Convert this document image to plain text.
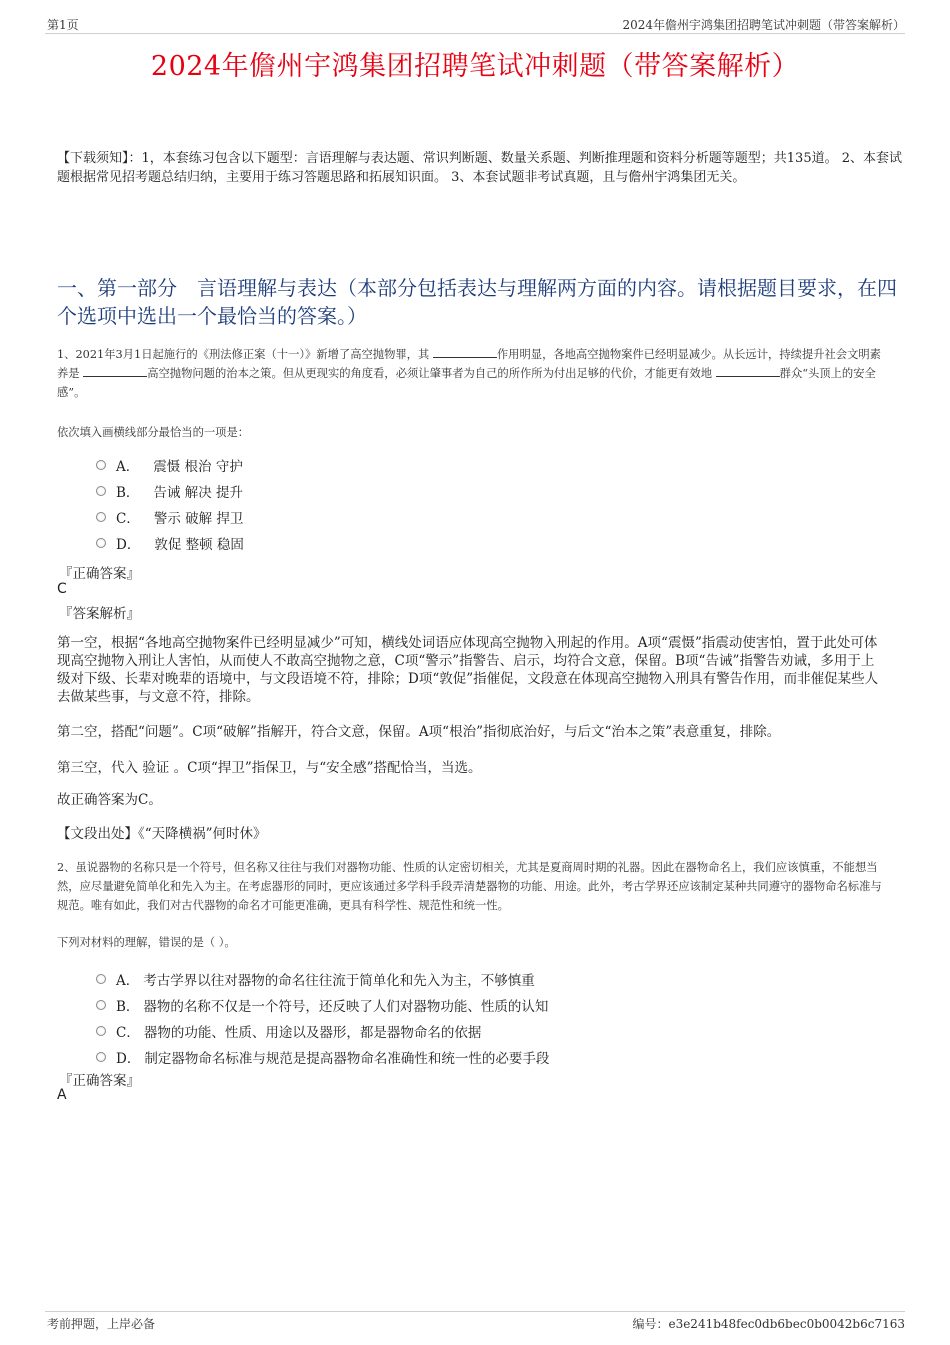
第1页	2024年儋州宇鸿集团招聘笔试冲刺题（带答案解析）
2024年儋州宇鸿集团招聘笔试冲刺题（带答案解析）
【下载须知】：1，本套练习包含以下题型：言语理解与表达题、常识判断题、数量关系题、判断推理题和资料分析题等题型；共135道。 2、本套试题根据常见招考题总结归纳，主要用于练习答题思路和拓展知识面。 3、本套试题非考试真题，且与儋州宇鸿集团无关。
一、第一部分　言语理解与表达（本部分包括表达与理解两方面的内容。请根据题目要求，在四个选项中选出一个最恰当的答案。）
1、2021年3月1日起施行的《刑法修正案（十一）》新增了高空抛物罪，其	作用明显，各地高空抛物案件已经明显减少。从长远计，持续提升社会文明素养是	高空抛物问题的治本之策。但从更现实的角度看，必须让肇事者为自己的所作所为付出足够的代价，才能更有效地	群众“头顶上的安全感”。
依次填入画横线部分最恰当的一项是：
A． 震慑 根治 守护
B． 告诫 解决 提升
C． 警示 破解 捍卫
D． 敦促 整顿 稳固
『正确答案』
C
『答案解析』
第一空，根据“各地高空抛物案件已经明显减少”可知，横线处词语应体现高空抛物入刑起的作用。A项“震慑”指震动使害怕，置于此处可体现高空抛物入刑让人害怕，从而使人不敢高空抛物之意，C项“警示”指警告、启示，均符合文意，保留。B项“告诫”指警告劝诫，多用于上级对下级、长辈对晚辈的语境中，与文段语境不符，排除；D项“敦促”指催促，文段意在体现高空抛物入刑具有警告作用，而非催促某些人去做某些事，与文意不符，排除。
第二空，搭配“问题”。C项“破解”指解开，符合文意，保留。A项“根治”指彻底治好，与后文“治本之策”表意重复，排除。
第三空，代入 验证 。C项“捍卫”指保卫，与“安全感”搭配恰当，当选。
故正确答案为C。
【文段出处】《“天降横祸”何时休》
2、虽说器物的名称只是一个符号，但名称又往往与我们对器物功能、性质的认定密切相关，尤其是夏商周时期的礼器。因此在器物命名上，我们应该慎重，不能想当然，应尽量避免简单化和先入为主。在考虑器形的同时，更应该通过多学科手段弄清楚器物的功能、用途。此外，考古学界还应该制定某种共同遵守的器物命名标准与规范。唯有如此，我们对古代器物的命名才可能更准确，更具有科学性、规范性和统一性。
下列对材料的理解，错误的是（ ）。
A． 考古学界以往对器物的命名往往流于简单化和先入为主，不够慎重
B． 器物的名称不仅是一个符号，还反映了人们对器物功能、性质的认知
C． 器物的功能、性质、用途以及器形，都是器物命名的依据
D． 制定器物命名标准与规范是提高器物命名准确性和统一性的必要手段
『正确答案』
A
考前押题，上岸必备	编号：e3e241b48fec0db6bec0b0042b6c7163
